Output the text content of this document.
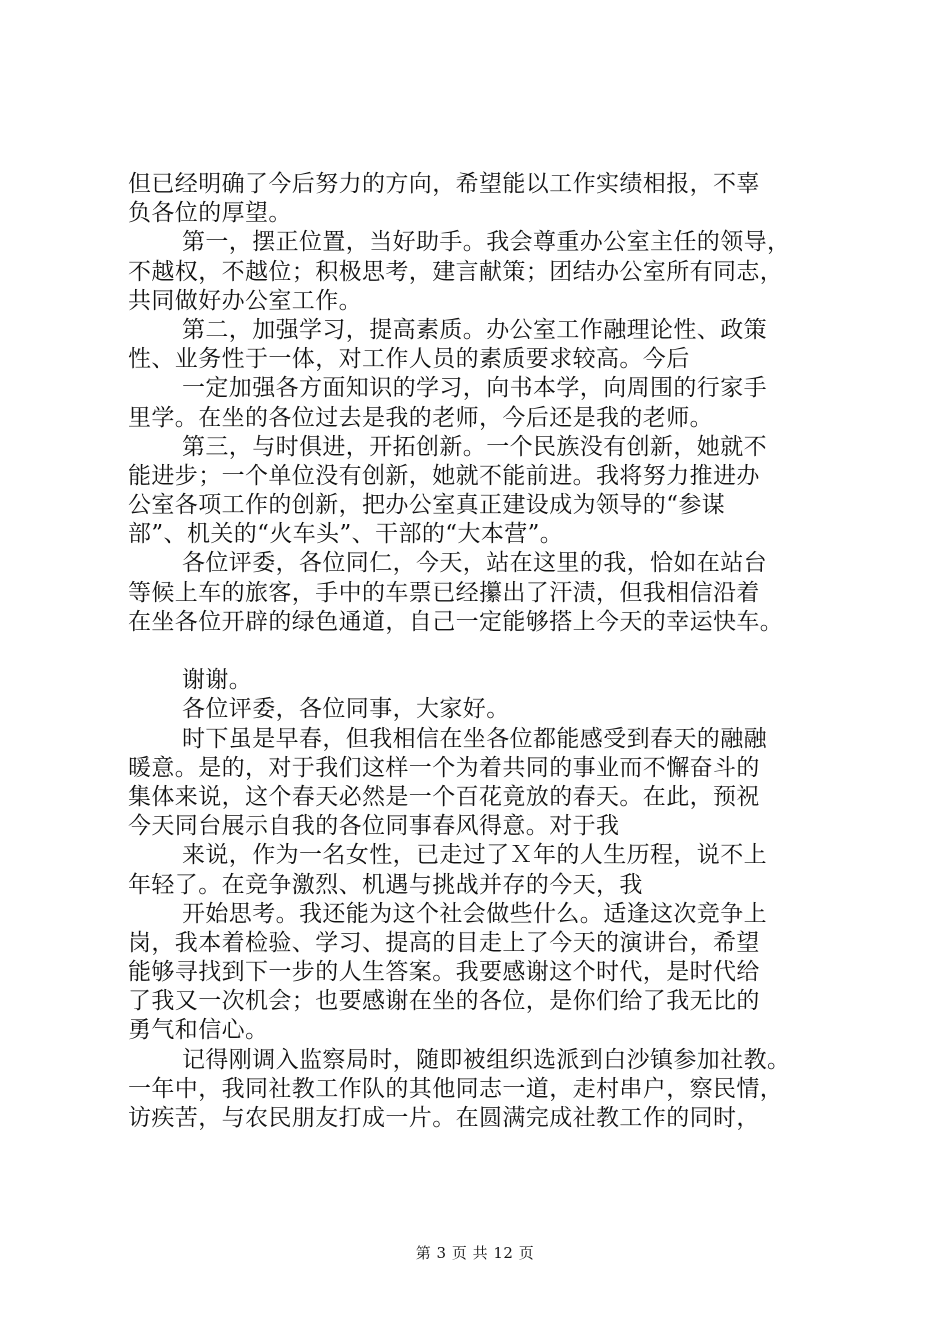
但已经明确了今后努力的方向，希望能以工作实绩相报，不辜
负各位的厚望。
第一，摆正位置，当好助手。我会尊重办公室主任的领导，
不越权，不越位；积极思考，建言献策；团结办公室所有同志，
共同做好办公室工作。
第二，加强学习，提高素质。办公室工作融理论性、政策
性、业务性于一体，对工作人员的素质要求较高。今后
一定加强各方面知识的学习，向书本学，向周围的行家手
里学。在坐的各位过去是我的老师，今后还是我的老师。
第三，与时俱进，开拓创新。一个民族没有创新，她就不
能进步；一个单位没有创新，她就不能前进。我将努力推进办
公室各项工作的创新，把办公室真正建设成为领导的“参谋
部”、机关的“火车头”、干部的“大本营”。
各位评委，各位同仁，今天，站在这里的我，恰如在站台
等候上车的旅客，手中的车票已经攥出了汗渍，但我相信沿着
在坐各位开辟的绿色通道，自己一定能够搭上今天的幸运快车。
谢谢。
各位评委，各位同事，大家好。
时下虽是早春，但我相信在坐各位都能感受到春天的融融
暖意。是的，对于我们这样一个为着共同的事业而不懈奋斗的
集体来说，这个春天必然是一个百花竟放的春天。在此，预祝
今天同台展示自我的各位同事春风得意。对于我
来说，作为一名女性，已走过了Ｘ年的人生历程，说不上
年轻了。在竞争激烈、机遇与挑战并存的今天，我
开始思考。我还能为这个社会做些什么。适逢这次竞争上
岗，我本着检验、学习、提高的目走上了今天的演讲台，希望
能够寻找到下一步的人生答案。我要感谢这个时代，是时代给
了我又一次机会；也要感谢在坐的各位，是你们给了我无比的
勇气和信心。
记得刚调入监察局时，随即被组织选派到白沙镇参加社教。
一年中，我同社教工作队的其他同志一道，走村串户，察民情，
访疾苦，与农民朋友打成一片。在圆满完成社教工作的同时，
第 3 页 共 12 页
